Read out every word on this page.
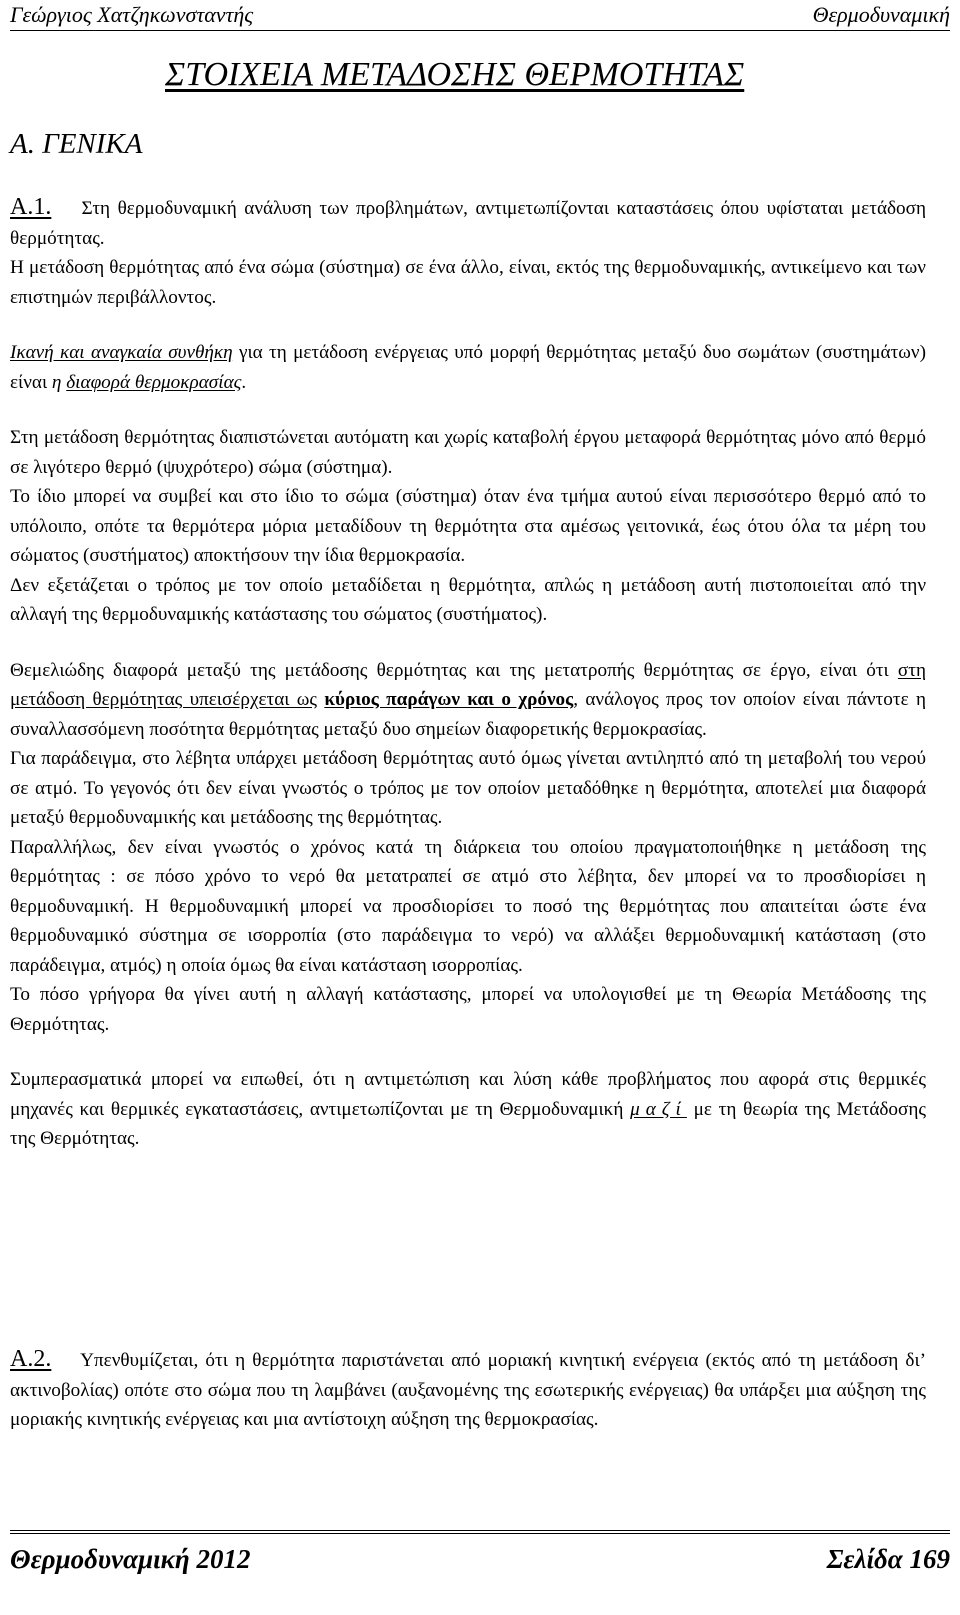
Γεώργιος Χατζηκωνσταντής	Θερμοδυναμική
ΣΤΟΙΧΕΙΑ ΜΕΤΑΔΟΣΗΣ ΘΕΡΜΟΤΗΤΑΣ
Α. ΓΕΝΙΚΑ

Α.1. Στη θερμοδυναμική ανάλυση των προβλημάτων, αντιμετωπίζονται καταστάσεις όπου υφίσταται μετάδοση θερμότητας.

Η μετάδοση θερμότητας από ένα σώμα (σύστημα) σε ένα άλλο, είναι, εκτός της θερμοδυναμικής, αντικείμενο και των επιστημών περιβάλλοντος.

Ικανή και αναγκαία συνθήκη για τη μετάδοση ενέργειας υπό μορφή θερμότητας μεταξύ δυο σωμάτων (συστημάτων) είναι η διαφορά θερμοκρασίας.

Στη μετάδοση θερμότητας διαπιστώνεται αυτόματη και χωρίς καταβολή έργου μεταφορά θερμότητας μόνο από θερμό σε λιγότερο θερμό (ψυχρότερο) σώμα (σύστημα).

Το ίδιο μπορεί να συμβεί και στο ίδιο το σώμα (σύστημα) όταν ένα τμήμα αυτού είναι περισσότερο θερμό από το υπόλοιπο, οπότε τα θερμότερα μόρια μεταδίδουν τη θερμότητα στα αμέσως γειτονικά, έως ότου όλα τα μέρη του σώματος (συστήματος) αποκτήσουν την ίδια θερμοκρασία.

Δεν εξετάζεται ο τρόπος με τον οποίο μεταδίδεται η θερμότητα, απλώς η μετάδοση αυτή πιστοποιείται από την αλλαγή της θερμοδυναμικής κατάστασης του σώματος (συστήματος).

Θεμελιώδης διαφορά μεταξύ της μετάδοσης θερμότητας και της μετατροπής θερμότητας σε έργο, είναι ότι στη μετάδοση θερμότητας υπεισέρχεται ως κύριος παράγων και ο χρόνος, ανάλογος προς τον οποίον είναι πάντοτε η συναλλασσόμενη ποσότητα θερμότητας μεταξύ δυο σημείων διαφορετικής θερμοκρασίας.

Για παράδειγμα, στο λέβητα υπάρχει μετάδοση θερμότητας αυτό όμως γίνεται αντιληπτό από τη μεταβολή του νερού σε ατμό. Το γεγονός ότι δεν είναι γνωστός ο τρόπος με τον οποίον μεταδόθηκε η θερμότητα, αποτελεί μια διαφορά μεταξύ θερμοδυναμικής και μετάδοσης της θερμότητας.

Παραλλήλως, δεν είναι γνωστός ο χρόνος κατά τη διάρκεια του οποίου πραγματοποιήθηκε η μετάδοση της θερμότητας : σε πόσο χρόνο το νερό θα μετατραπεί σε ατμό στο λέβητα, δεν μπορεί να το προσδιορίσει η θερμοδυναμική. Η θερμοδυναμική μπορεί να προσδιορίσει το ποσό της θερμότητας που απαιτείται ώστε ένα θερμοδυναμικό σύστημα σε ισορροπία (στο παράδειγμα το νερό) να αλλάξει θερμοδυναμική κατάσταση (στο παράδειγμα, ατμός) η οποία όμως θα είναι κατάσταση ισορροπίας.

Το πόσο γρήγορα θα γίνει αυτή η αλλαγή κατάστασης, μπορεί να υπολογισθεί με τη Θεωρία Μετάδοσης της Θερμότητας.

Συμπερασματικά μπορεί να ειπωθεί, ότι η αντιμετώπιση και λύση κάθε προβλήματος που αφορά στις θερμικές μηχανές και θερμικές εγκαταστάσεις, αντιμετωπίζονται με τη Θερμοδυναμική μαζί με τη θεωρία της Μετάδοσης της Θερμότητας.

Α.2. Υπενθυμίζεται, ότι η θερμότητα παριστάνεται από μοριακή κινητική ενέργεια (εκτός από τη μετάδοση δι’ ακτινοβολίας) οπότε στο σώμα που τη λαμβάνει (αυξανομένης της εσωτερικής ενέργειας) θα υπάρξει μια αύξηση της μοριακής κινητικής ενέργειας και μια αντίστοιχη αύξηση της θερμοκρασίας.

Θερμοδυναμική 2012	Σελίδα 169
